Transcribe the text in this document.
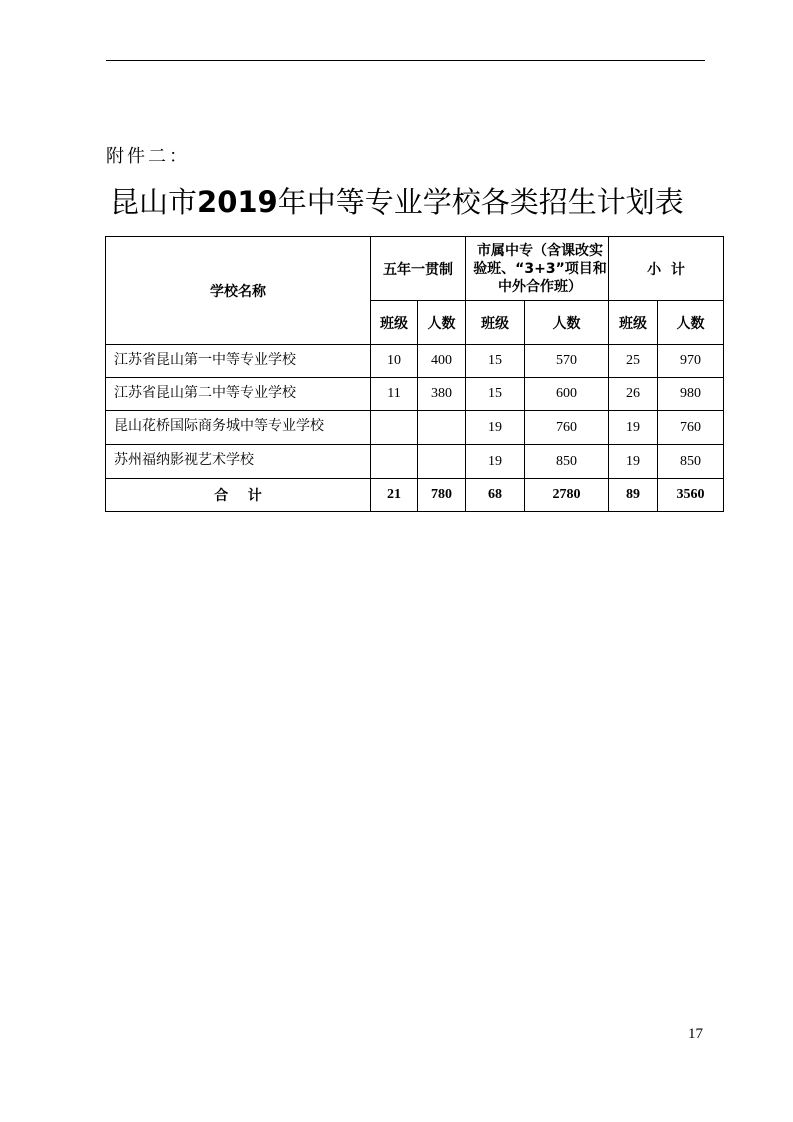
附件二：
昆山市2019年中等专业学校各类招生计划表
学校名称	五年一贯制		市属中专（含课改实验班、“3+3”项目和中外合作班）		小  计	
	班级	人数	班级	人数	班级	人数
江苏省昆山第一中等专业学校	10	400	15	570	25	970
江苏省昆山第二中等专业学校	11	380	15	600	26	980
昆山花桥国际商务城中等专业学校			19	760	19	760
苏州福纳影视艺术学校			19	850	19	850
合    计	21	780	68	2780	89	3560
17
